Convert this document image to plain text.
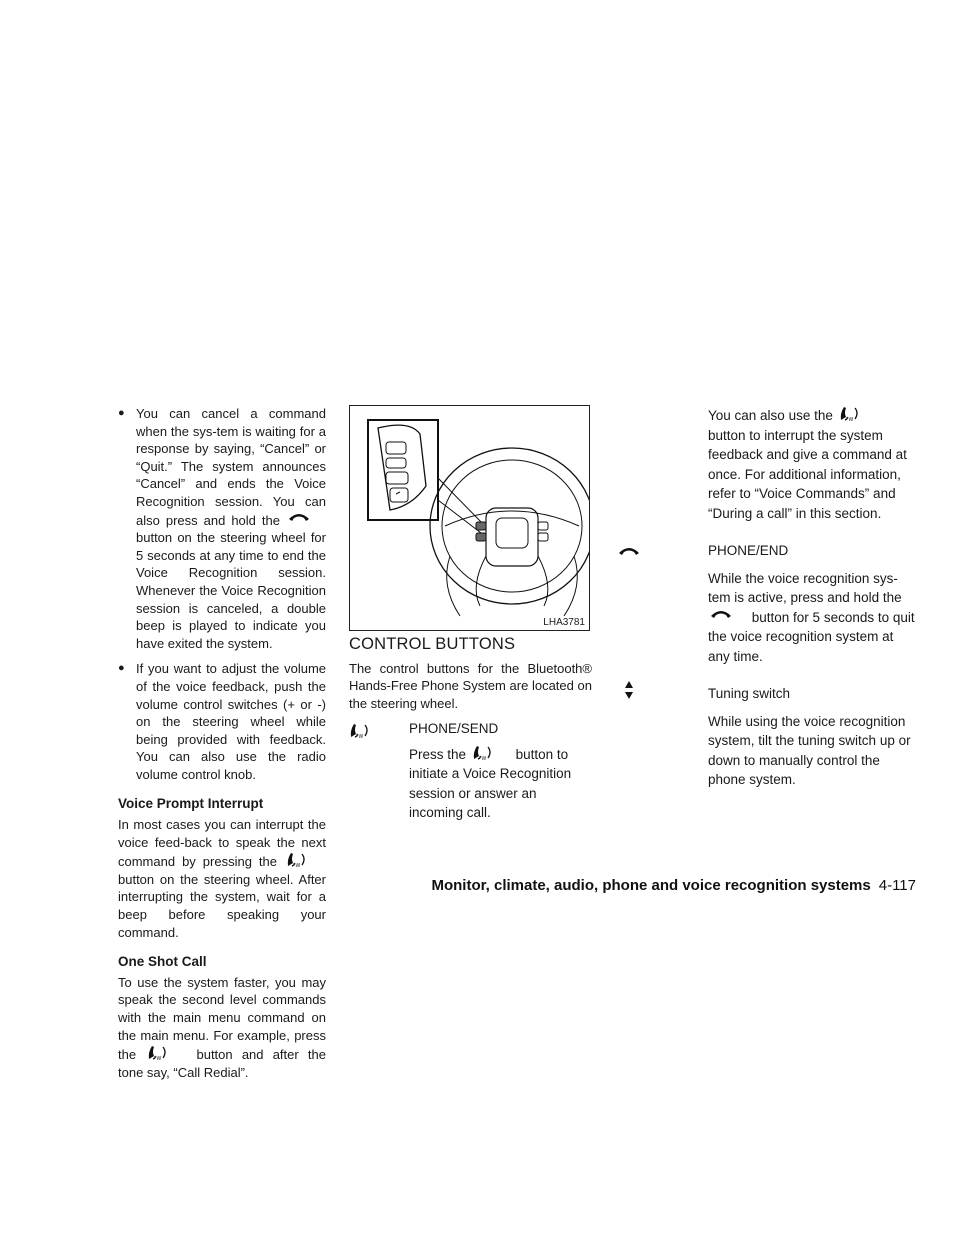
● You can cancel a command when the sys-tem is waiting for a response by saying, “Cancel” or “Quit.” The system announces “Cancel” and ends the Voice Recognition session. You can also press and hold the  button on the steering wheel for 5 seconds at any time to end the Voice Recognition session. Whenever the Voice Recognition session is canceled, a double beep is played to indicate you have exited the system.
● If you want to adjust the volume of the voice feedback, push the volume control switches (+ or -) on the steering wheel while being provided with feedback. You can also use the radio volume control knob.
Voice Prompt Interrupt

In most cases you can interrupt the voice feed-back to speak the next command by pressing the  button on the steering wheel. After interrupting the system, wait for a beep before speaking your command.

One Shot Call

To use the system faster, you may speak the second level commands with the main menu command on the main menu. For example, press the	button and after the tone say, “Call Redial”.

LHA3781
CONTROL BUTTONS

The control buttons for the Bluetooth® Hands-Free Phone System are located on the steering wheel.

PHONE/SEND
Press the	button to initiate a Voice Recognition session or answer an incoming call.
You can also use the  button to interrupt the system feedback and give a command at once. For additional information, refer to “Voice Commands” and “During a call” in this section.
PHONE/END
While the voice recognition sys-tem is active, press and hold the  button for 5 seconds to quit the voice recognition system at any time.
Tuning switch
While using the voice recognition system, tilt the tuning switch up or down to manually control the phone system.
Monitor, climate, audio, phone and voice recognition systems 4-117
